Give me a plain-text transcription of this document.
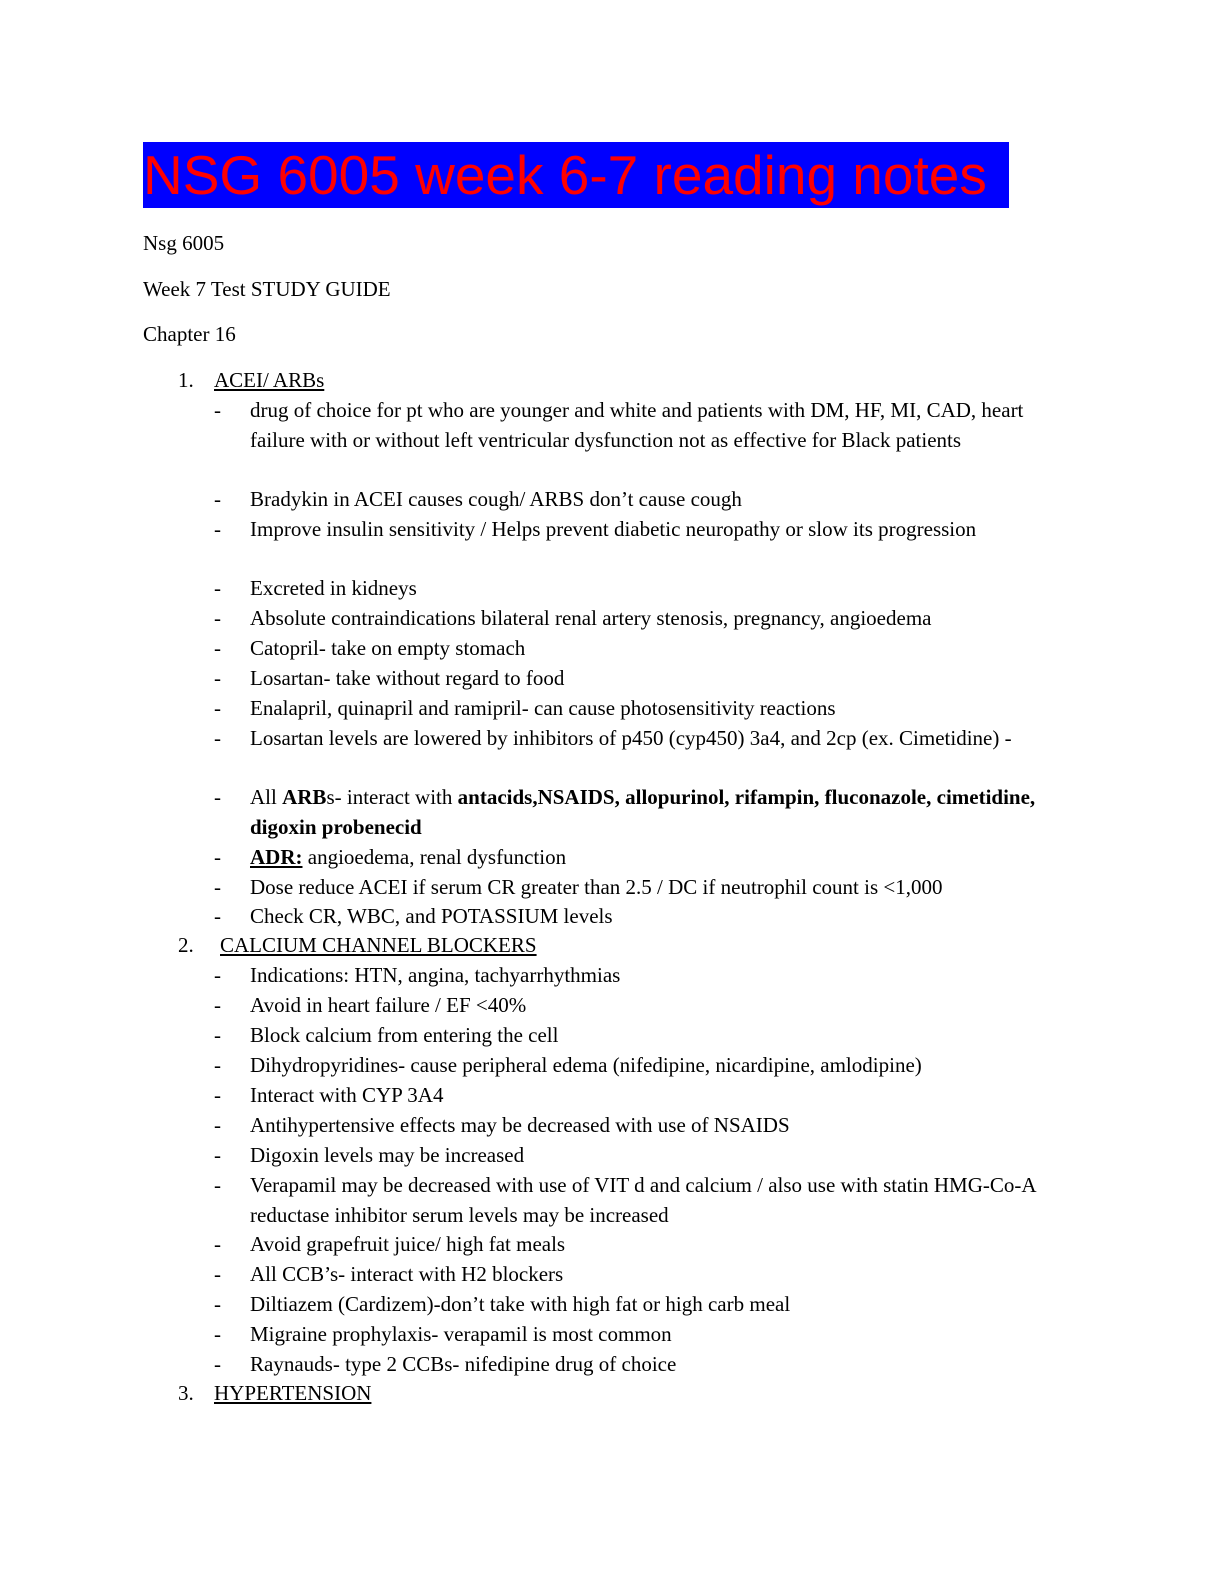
NSG 6005 week 6-7 reading notes
Nsg 6005
Week 7 Test STUDY GUIDE
Chapter 16
1. ACEI/ ARBs
- drug of choice for pt who are younger and white and patients with DM, HF, MI, CAD, heart failure with or without left ventricular dysfunction not as effective for Black patients
- Bradykin in ACEI causes cough/ ARBS don’t cause cough
- Improve insulin sensitivity / Helps prevent diabetic neuropathy or slow its progression
- Excreted in kidneys
- Absolute contraindications bilateral renal artery stenosis, pregnancy, angioedema
- Catopril- take on empty stomach
- Losartan- take without regard to food
- Enalapril, quinapril and ramipril- can cause photosensitivity reactions
- Losartan levels are lowered by inhibitors of p450 (cyp450) 3a4, and 2cp (ex. Cimetidine) -
- All ARBs- interact with antacids,NSAIDS, allopurinol, rifampin, fluconazole, cimetidine, digoxin probenecid
- ADR: angioedema, renal dysfunction
- Dose reduce ACEI if serum CR greater than 2.5 / DC if neutrophil count is <1,000
- Check CR, WBC, and POTASSIUM levels
2. CALCIUM CHANNEL BLOCKERS
- Indications: HTN, angina, tachyarrhythmias
- Avoid in heart failure / EF <40%
- Block calcium from entering the cell
- Dihydropyridines- cause peripheral edema (nifedipine, nicardipine, amlodipine)
- Interact with CYP 3A4
- Antihypertensive effects may be decreased with use of NSAIDS
- Digoxin levels may be increased
- Verapamil may be decreased with use of VIT d and calcium / also use with statin HMG-Co-A reductase inhibitor serum levels may be increased
- Avoid grapefruit juice/ high fat meals
- All CCB’s- interact with H2 blockers
- Diltiazem (Cardizem)-don’t take with high fat or high carb meal
- Migraine prophylaxis- verapamil is most common
- Raynauds- type 2 CCBs- nifedipine drug of choice
3. HYPERTENSION
